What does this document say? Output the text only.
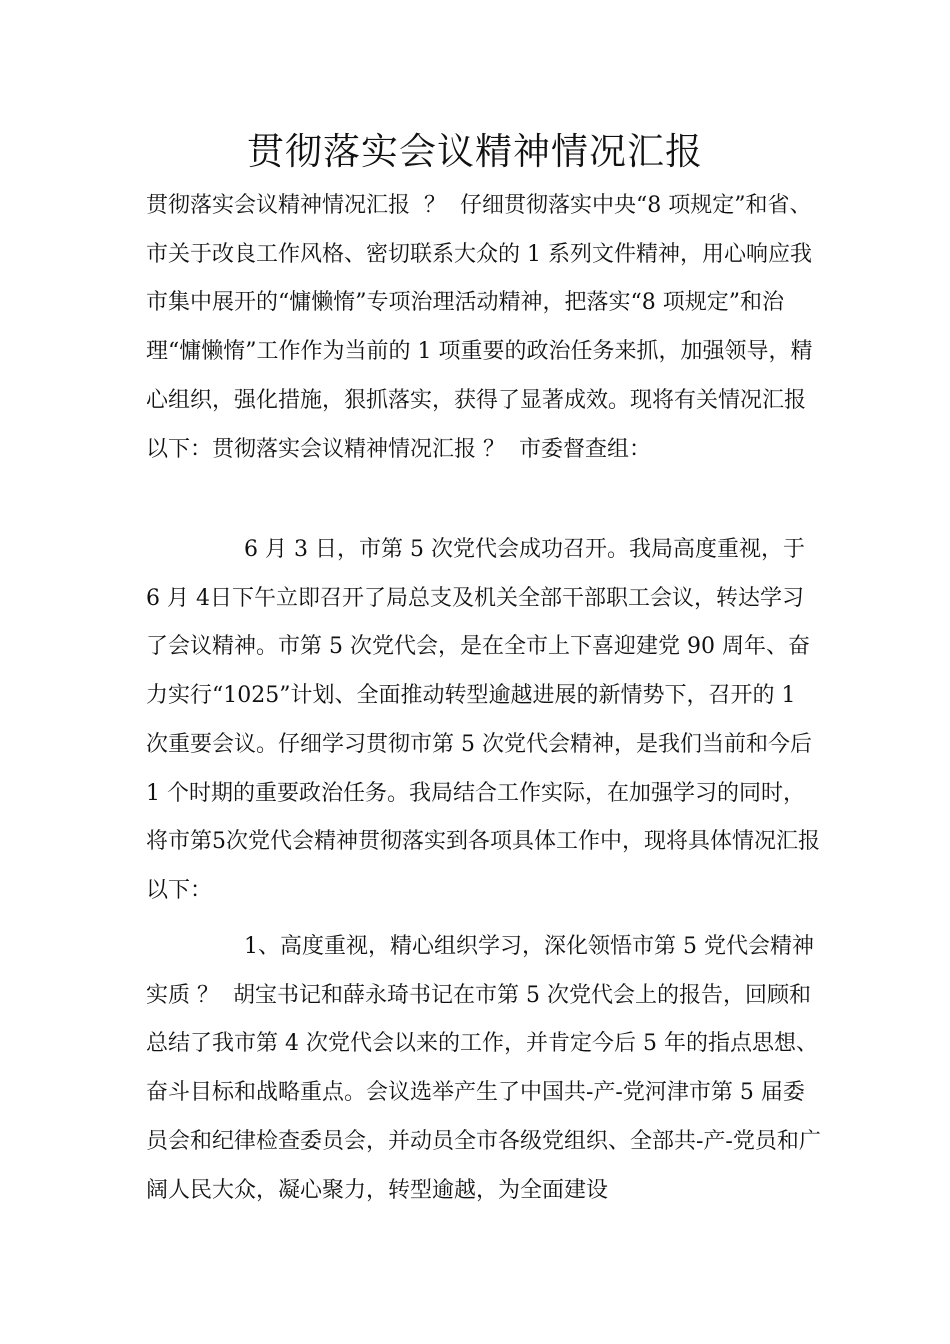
贯彻落实会议精神情况汇报

贯彻落实会议精神情况汇报  ？  仔细贯彻落实中央“8 项规定”和省、市关于改良工作风格、密切联系大众的 1 系列文件精神，用心响应我市集中展开的“慵懒惰”专项治理活动精神，把落实“8 项规定”和治理“慵懒惰”工作作为当前的 1 项重要的政治任务来抓，加强领导，精心组织，强化措施，狠抓落实，获得了显著成效。现将有关情况汇报以下：贯彻落实会议精神情况汇报 ？  市委督查组：

6 月 3 日，市第 5 次党代会成功召开。我局高度重视，于 6 月 4日下午立即召开了局总支及机关全部干部职工会议，转达学习了会议精神。市第 5 次党代会，是在全市上下喜迎建党 90 周年、奋力实行“1025”计划、全面推动转型逾越进展的新情势下，召开的 1 次重要会议。仔细学习贯彻市第 5 次党代会精神，是我们当前和今后 1 个时期的重要政治任务。我局结合工作实际，在加强学习的同时，将市第5次党代会精神贯彻落实到各项具体工作中，现将具体情况汇报以下：

1、高度重视，精心组织学习，深化领悟市第 5 党代会精神实质 ？  胡宝书记和薛永琦书记在市第 5 次党代会上的报告，回顾和总结了我市第 4 次党代会以来的工作，并肯定今后 5 年的指点思想、奋斗目标和战略重点。会议选举产生了中国共-产-党河津市第 5 届委员会和纪律检查委员会，并动员全市各级党组织、全部共-产-党员和广阔人民大众，凝心聚力，转型逾越，为全面建设
